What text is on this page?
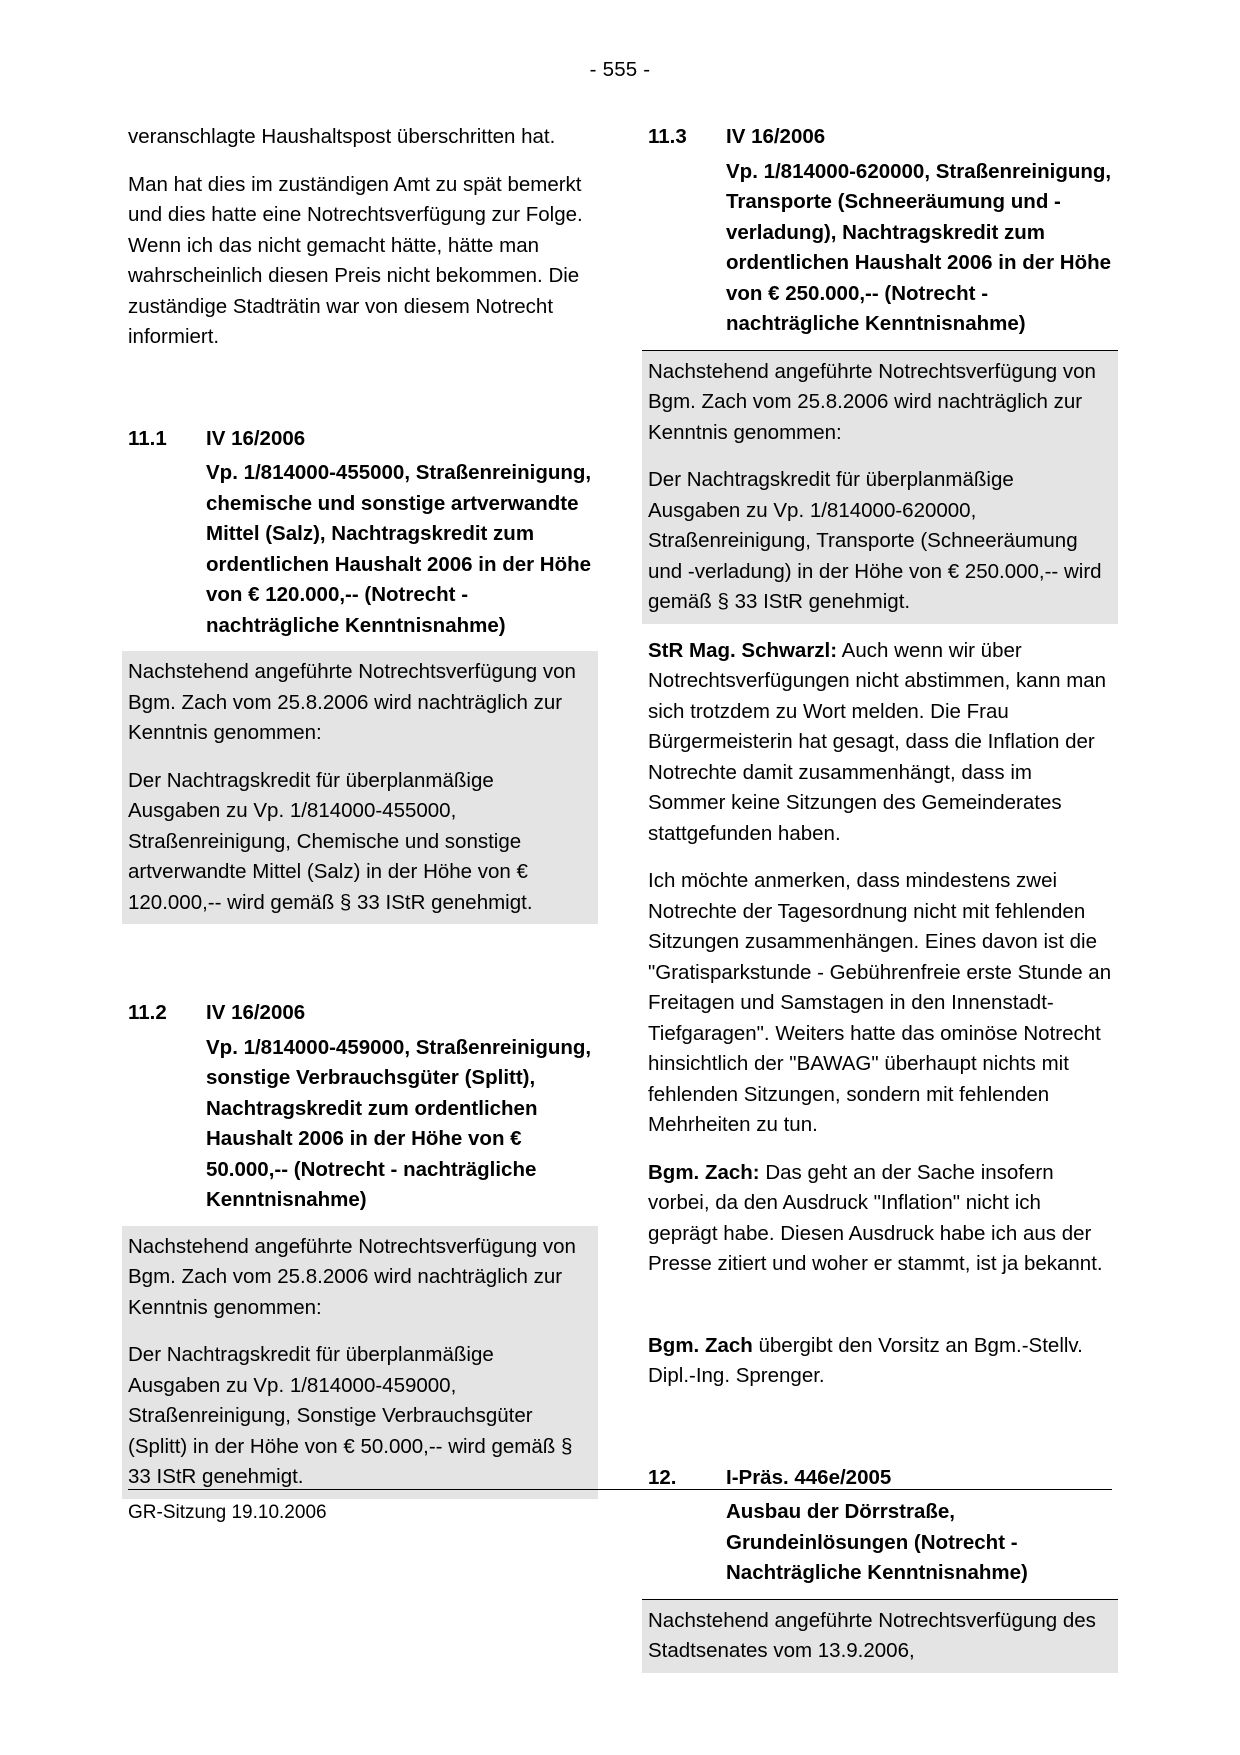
- 555 -

veranschlagte Haushaltspost überschritten hat.

Man hat dies im zuständigen Amt zu spät bemerkt und dies hatte eine Notrechtsverfügung zur Folge. Wenn ich das nicht gemacht hätte, hätte man wahrscheinlich diesen Preis nicht bekommen. Die zuständige Stadträtin war von diesem Notrecht informiert.

11.1	IV 16/2006
Vp. 1/814000-455000, Straßenreinigung, chemische und sonstige artverwandte Mittel (Salz), Nachtragskredit zum ordentlichen Haushalt 2006 in der Höhe von € 120.000,-- (Notrecht - nachträgliche Kenntnisnahme)

Nachstehend angeführte Notrechtsverfügung von Bgm. Zach vom 25.8.2006 wird nachträglich zur Kenntnis genommen:

Der Nachtragskredit für überplanmäßige Ausgaben zu Vp. 1/814000-455000, Straßenreinigung, Chemische und sonstige artverwandte Mittel (Salz) in der Höhe von € 120.000,-- wird gemäß § 33 IStR genehmigt.

11.2	IV 16/2006
Vp. 1/814000-459000, Straßenreinigung, sonstige Verbrauchsgüter (Splitt), Nachtragskredit zum ordentlichen Haushalt 2006 in der Höhe von € 50.000,-- (Notrecht - nachträgliche Kenntnisnahme)

Nachstehend angeführte Notrechtsverfügung von Bgm. Zach vom 25.8.2006 wird nachträglich zur Kenntnis genommen:

Der Nachtragskredit für überplanmäßige Ausgaben zu Vp. 1/814000-459000, Straßenreinigung, Sonstige Verbrauchsgüter (Splitt) in der Höhe von € 50.000,-- wird gemäß § 33 IStR genehmigt.

11.3	IV 16/2006
Vp. 1/814000-620000, Straßenreinigung, Transporte (Schneeräumung und -verladung), Nachtragskredit zum ordentlichen Haushalt 2006 in der Höhe von € 250.000,-- (Notrecht - nachträgliche Kenntnisnahme)

Nachstehend angeführte Notrechtsverfügung von Bgm. Zach vom 25.8.2006 wird nachträglich zur Kenntnis genommen:

Der Nachtragskredit für überplanmäßige Ausgaben zu Vp. 1/814000-620000, Straßenreinigung, Transporte (Schneeräumung und -verladung) in der Höhe von € 250.000,-- wird gemäß § 33 IStR genehmigt.

StR Mag. Schwarzl: Auch wenn wir über Notrechtsverfügungen nicht abstimmen, kann man sich trotzdem zu Wort melden. Die Frau Bürgermeisterin hat gesagt, dass die Inflation der Notrechte damit zusammenhängt, dass im Sommer keine Sitzungen des Gemeinderates stattgefunden haben.

Ich möchte anmerken, dass mindestens zwei Notrechte der Tagesordnung nicht mit fehlenden Sitzungen zusammenhängen. Eines davon ist die "Gratisparkstunde - Gebührenfreie erste Stunde an Freitagen und Samstagen in den Innenstadt-Tiefgaragen". Weiters hatte das ominöse Notrecht hinsichtlich der "BAWAG" überhaupt nichts mit fehlenden Sitzungen, sondern mit fehlenden Mehrheiten zu tun.

Bgm. Zach: Das geht an der Sache insofern vorbei, da den Ausdruck "Inflation" nicht ich geprägt habe. Diesen Ausdruck habe ich aus der Presse zitiert und woher er stammt, ist ja bekannt.

Bgm. Zach übergibt den Vorsitz an Bgm.-Stellv. Dipl.-Ing. Sprenger.

12.	I-Präs. 446e/2005
Ausbau der Dörrstraße, Grundeinlösungen (Notrecht - Nachträgliche Kenntnisnahme)

Nachstehend angeführte Notrechtsverfügung des Stadtsenates vom 13.9.2006,

GR-Sitzung 19.10.2006
